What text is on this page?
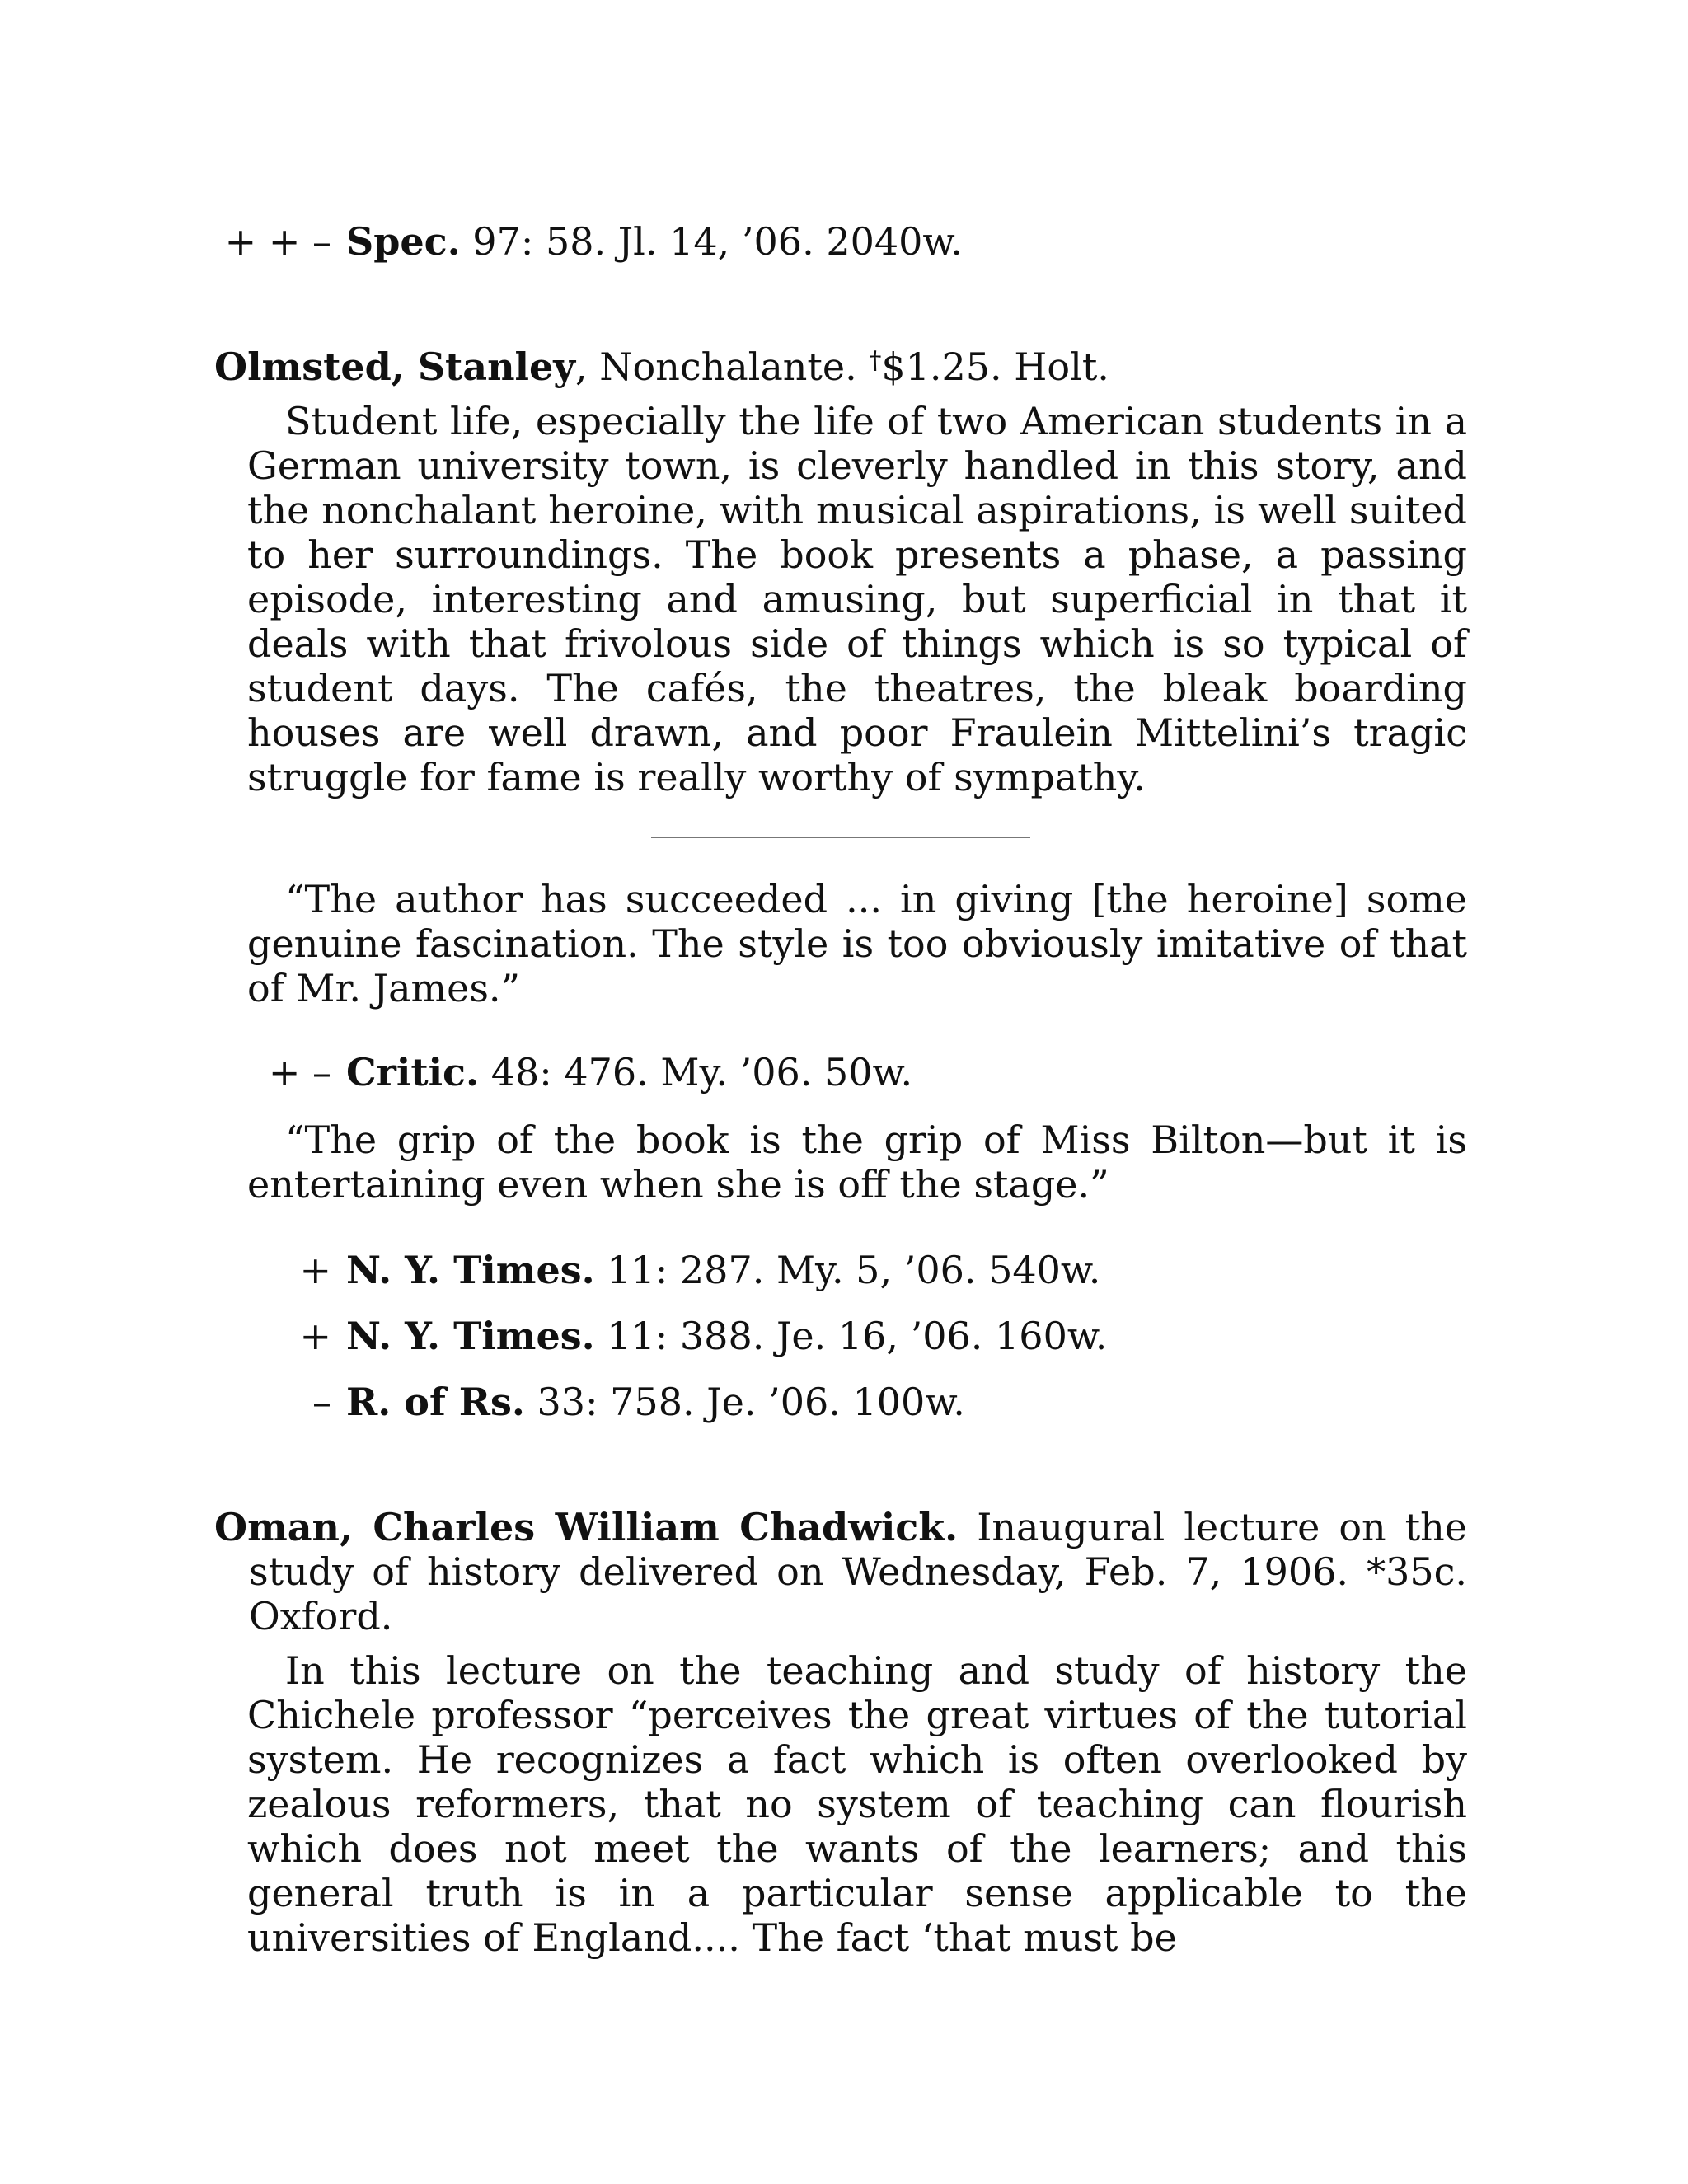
+ + – Spec. 97: 58. Jl. 14, ’06. 2040w.
Olmsted, Stanley, Nonchalante. †$1.25. Holt.
Student life, especially the life of two American students in a German university town, is cleverly handled in this story, and the nonchalant heroine, with musical aspirations, is well suited to her surroundings. The book presents a phase, a passing episode, interesting and amusing, but superficial in that it deals with that frivolous side of things which is so typical of student days. The cafés, the theatres, the bleak boarding houses are well drawn, and poor Fraulein Mittelini’s tragic struggle for fame is really worthy of sympathy.
“The author has succeeded ... in giving [the heroine] some genuine fascination. The style is too obviously imitative of that of Mr. James.”
+ – Critic. 48: 476. My. ’06. 50w.
“The grip of the book is the grip of Miss Bilton—but it is entertaining even when she is off the stage.”
+ N. Y. Times. 11: 287. My. 5, ’06. 540w.
+ N. Y. Times. 11: 388. Je. 16, ’06. 160w.
– R. of Rs. 33: 758. Je. ’06. 100w.
Oman, Charles William Chadwick. Inaugural lecture on the study of history delivered on Wednesday, Feb. 7, 1906. *35c. Oxford.
In this lecture on the teaching and study of history the Chichele professor “perceives the great virtues of the tutorial system. He recognizes a fact which is often overlooked by zealous reformers, that no system of teaching can flourish which does not meet the wants of the learners; and this general truth is in a particular sense applicable to the universities of England.... The fact ‘that must be
